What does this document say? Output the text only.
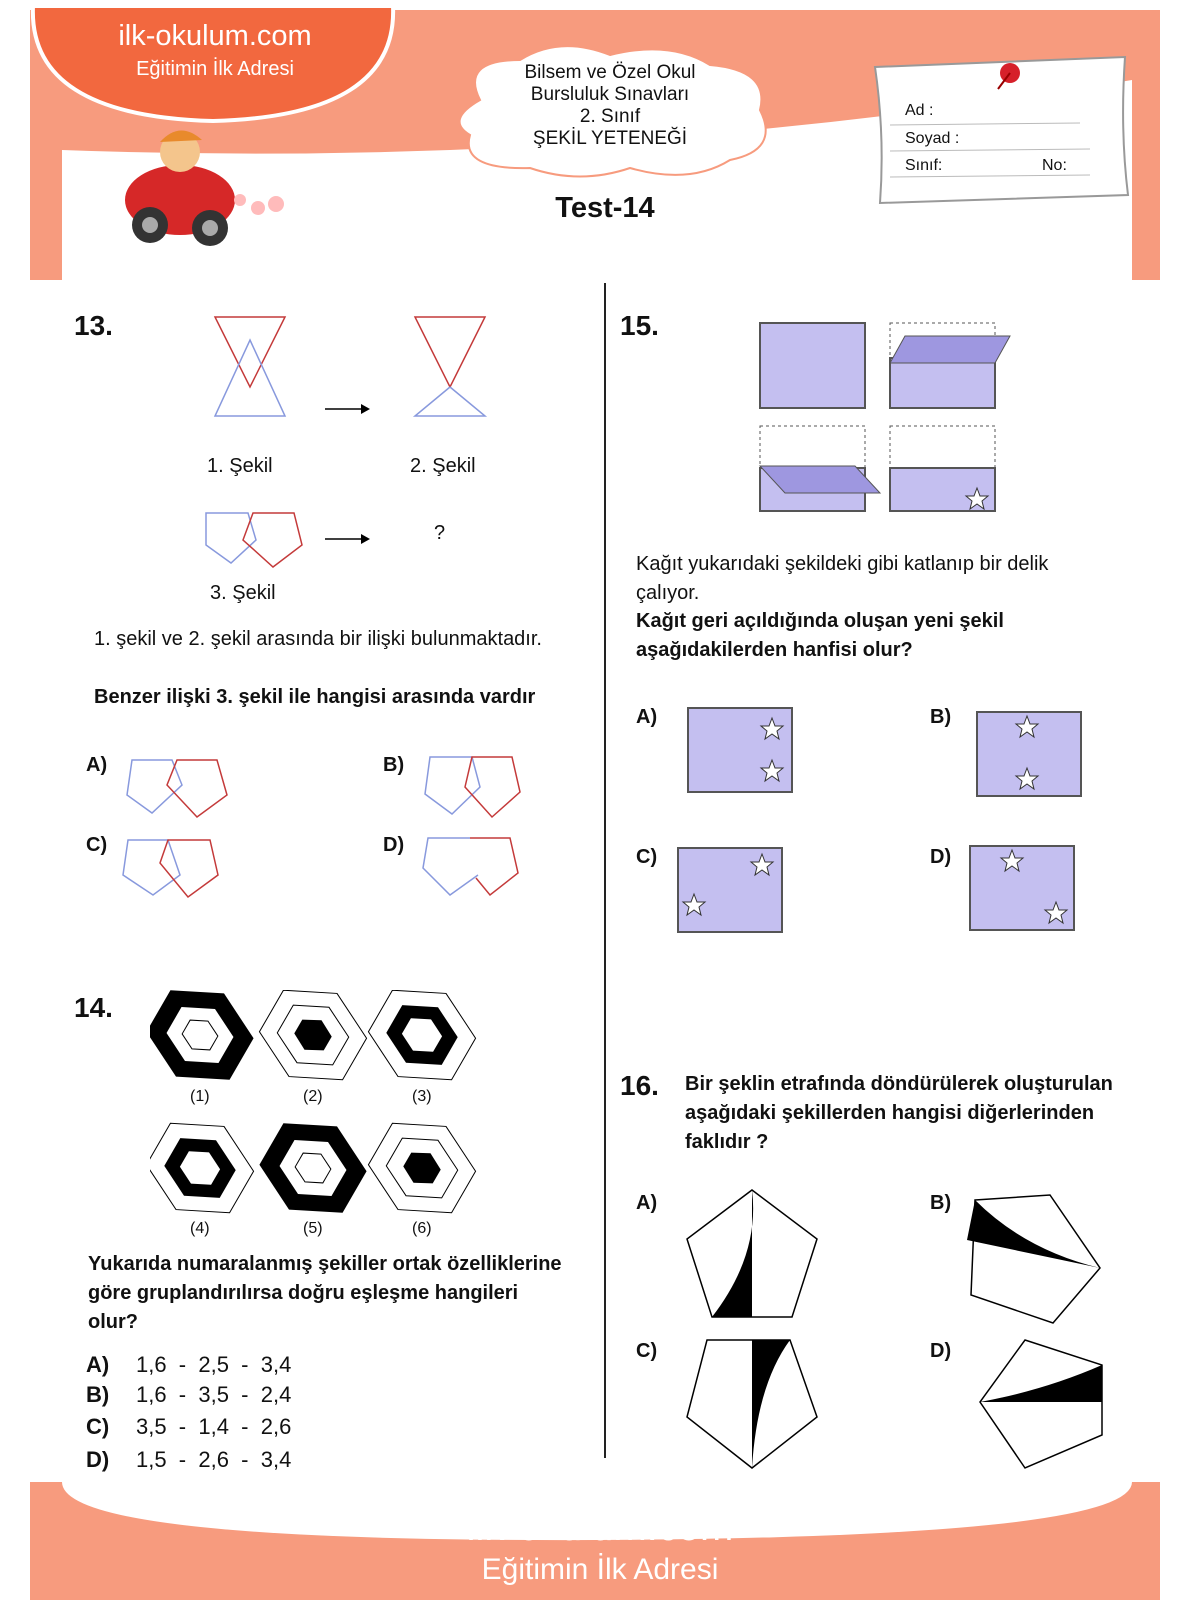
ilk-okulum.com
Eğitimin İlk Adresi	Bilsem ve Özel Okul
Bursluluk Sınavları
2. Sınıf
ŞEKİL YETENEĞİ
Test-14
Ad :
Soyad :
Sınıf:	No:
13.
1. Şekil	2. Şekil
?
3. Şekil
1. şekil ve 2. şekil arasında bir ilişki bulunmaktadır.
Benzer ilişki 3. şekil ile hangisi arasında vardır
A)	B)
C)	D)
14.
(1)	(2)	(3)
(4)	(5)	(6)
Yukarıda numaralanmış şekiller ortak özelliklerine göre gruplandırılırsa doğru eşleşme hangileri olur?
A) 1,6  -  2,5  -  3,4
B) 1,6  -  3,5  -  2,4
C) 3,5  -  1,4  -  2,6
D) 1,5  -  2,6  -  3,4
15.
Kağıt yukarıdaki şekildeki gibi katlanıp bir delik çalıyor.
Kağıt geri açıldığında oluşan yeni şekil aşağıdakilerden hanfisi olur?
A)	B)
C)	D)
16. Bir şeklin etrafında döndürülerek oluşturulan aşağıdaki şekillerden hangisi diğerlerinden faklıdır ?
A)	B)
C)	D)
ilk-okulum.com
Eğitimin İlk Adresi
